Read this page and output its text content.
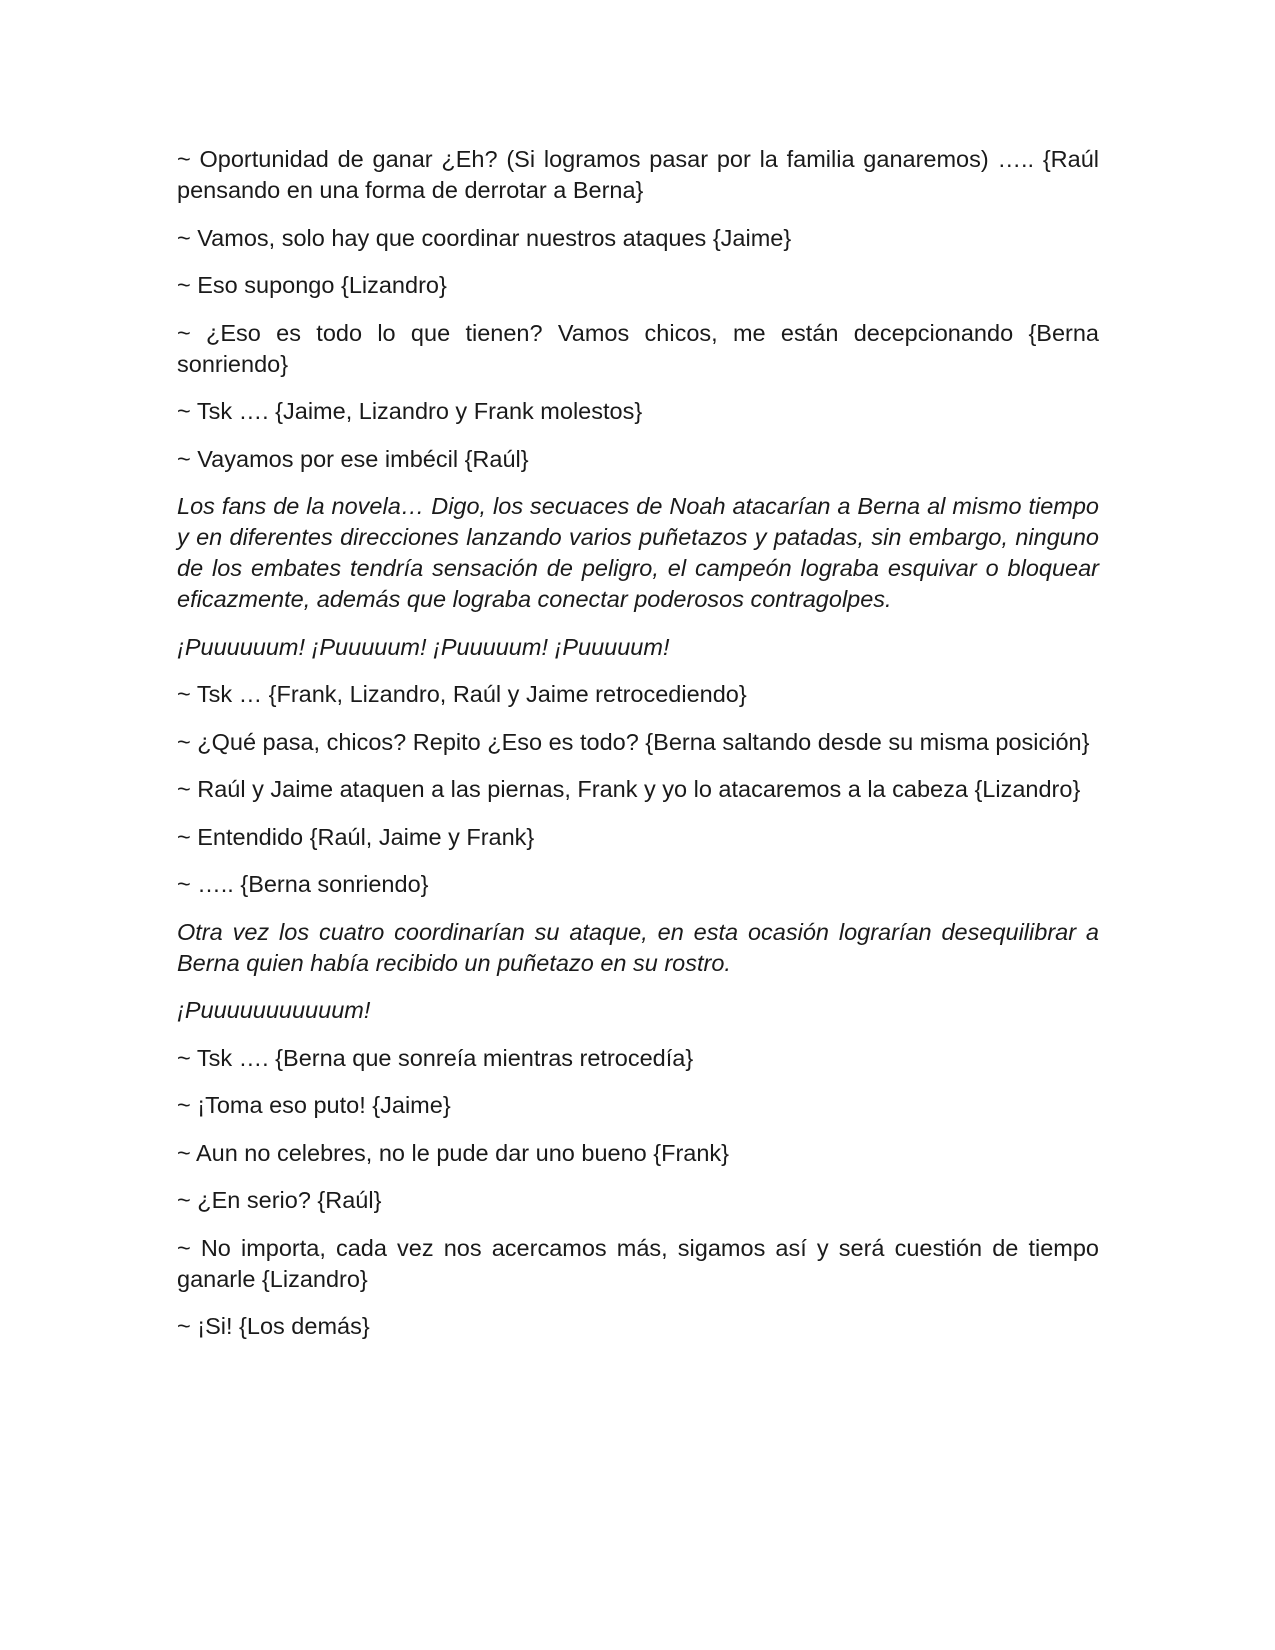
~ Oportunidad de ganar ¿Eh? (Si logramos pasar por la familia ganaremos) ….. {Raúl pensando en una forma de derrotar a Berna}

~ Vamos, solo hay que coordinar nuestros ataques {Jaime}

~ Eso supongo {Lizandro}

~ ¿Eso es todo lo que tienen? Vamos chicos, me están decepcionando {Berna sonriendo}

~ Tsk …. {Jaime, Lizandro y Frank molestos}

~ Vayamos por ese imbécil {Raúl}

Los fans de la novela… Digo, los secuaces de Noah atacarían a Berna al mismo tiempo y en diferentes direcciones lanzando varios puñetazos y patadas, sin embargo, ninguno de los embates tendría sensación de peligro, el campeón lograba esquivar o bloquear eficazmente, además que lograba conectar poderosos contragolpes.

¡Puuuuuum! ¡Puuuuum! ¡Puuuuum! ¡Puuuuum!

~ Tsk … {Frank, Lizandro, Raúl y Jaime retrocediendo}

~ ¿Qué pasa, chicos? Repito ¿Eso es todo? {Berna saltando desde su misma posición}

~ Raúl y Jaime ataquen a las piernas, Frank y yo lo atacaremos a la cabeza {Lizandro}

~ Entendido {Raúl, Jaime y Frank}

~ ….. {Berna sonriendo}

Otra vez los cuatro coordinarían su ataque, en esta ocasión lograrían desequilibrar a Berna quien había recibido un puñetazo en su rostro.

¡Puuuuuuuuuuum!

~ Tsk …. {Berna que sonreía mientras retrocedía}

~ ¡Toma eso puto! {Jaime}

~ Aun no celebres, no le pude dar uno bueno {Frank}

~ ¿En serio? {Raúl}

~ No importa, cada vez nos acercamos más, sigamos así y será cuestión de tiempo ganarle {Lizandro}

~ ¡Si! {Los demás}
